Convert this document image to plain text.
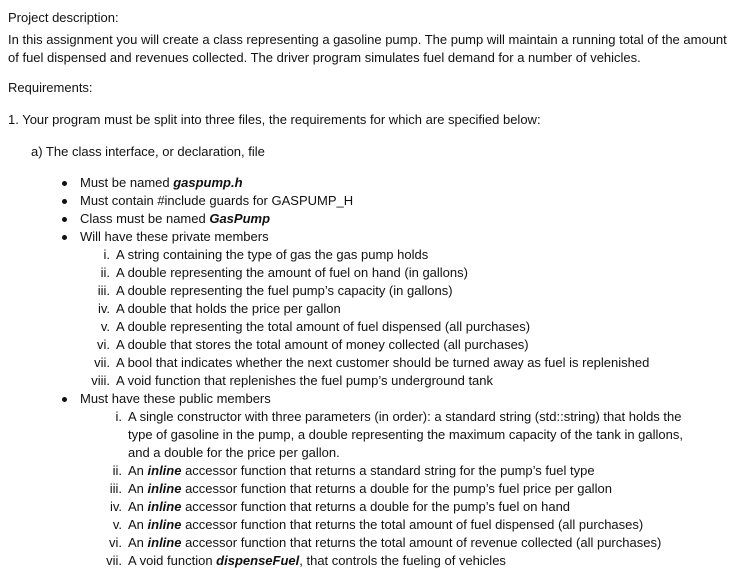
Project description:
In this assignment you will create a class representing a gasoline pump. The pump will maintain a running total of the amount of fuel dispensed and revenues collected. The driver program simulates fuel demand for a number of vehicles.
Requirements:
1. Your program must be split into three files, the requirements for which are specified below:
a) The class interface, or declaration, file
Must be named gaspump.h
Must contain #include guards for GASPUMP_H
Class must be named GasPump
Will have these private members
i. A string containing the type of gas the gas pump holds
ii. A double representing the amount of fuel on hand (in gallons)
iii. A double representing the fuel pump’s capacity (in gallons)
iv. A double that holds the price per gallon
v. A double representing the total amount of fuel dispensed (all purchases)
vi. A double that stores the total amount of money collected (all purchases)
vii. A bool that indicates whether the next customer should be turned away as fuel is replenished
viii. A void function that replenishes the fuel pump’s underground tank
Must have these public members
i. A single constructor with three parameters (in order): a standard string (std::string) that holds the
type of gasoline in the pump, a double representing the maximum capacity of the tank in gallons,
and a double for the price per gallon.
ii. An inline accessor function that returns a standard string for the pump’s fuel type
iii. An inline accessor function that returns a double for the pump’s fuel price per gallon
iv. An inline accessor function that returns a double for the pump’s fuel on hand
v. An inline accessor function that returns the total amount of fuel dispensed (all purchases)
vi. An inline accessor function that returns the total amount of revenue collected (all purchases)
vii. A void function dispenseFuel, that controls the fueling of vehicles
